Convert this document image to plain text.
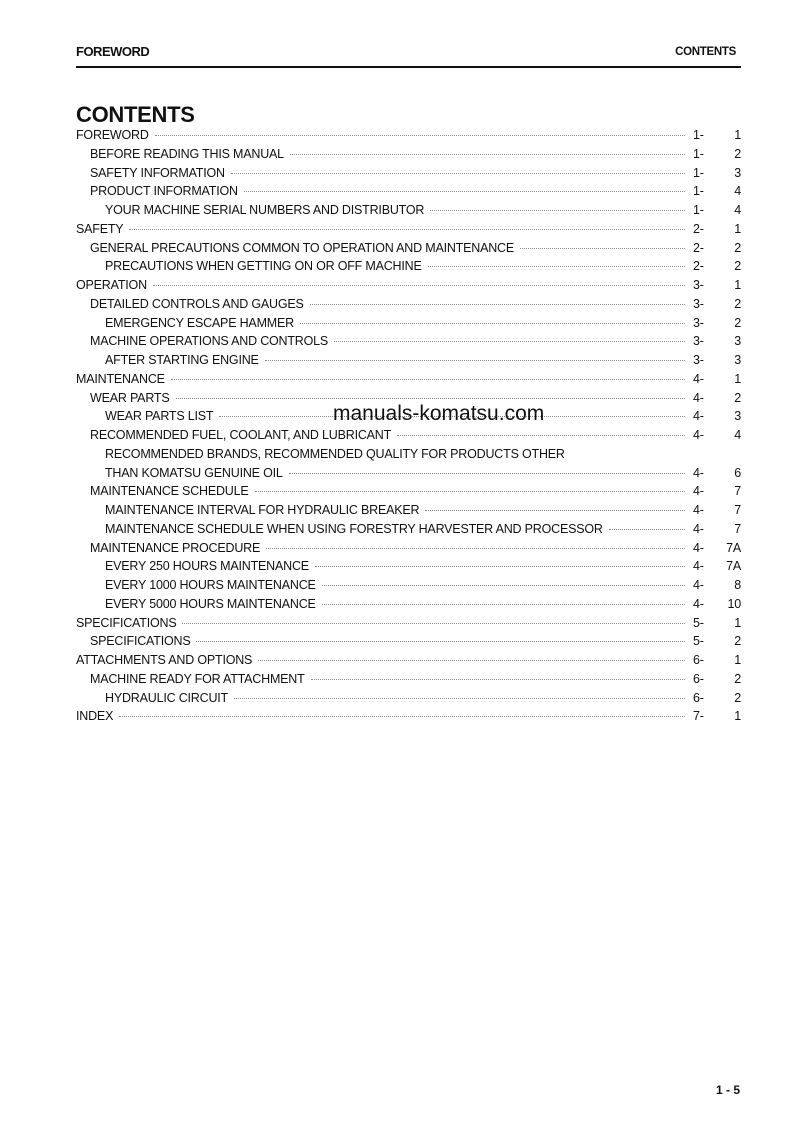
FOREWORD	CONTENTS
CONTENTS
FOREWORD	1-	1
BEFORE READING THIS MANUAL	1-	2
SAFETY INFORMATION	1-	3
PRODUCT INFORMATION	1-	4
YOUR MACHINE SERIAL NUMBERS AND DISTRIBUTOR	1-	4
SAFETY	2-	1
GENERAL PRECAUTIONS COMMON TO OPERATION AND MAINTENANCE	2-	2
PRECAUTIONS WHEN GETTING ON OR OFF MACHINE	2-	2
OPERATION	3-	1
DETAILED CONTROLS AND GAUGES	3-	2
EMERGENCY ESCAPE HAMMER	3-	2
MACHINE OPERATIONS AND CONTROLS	3-	3
AFTER STARTING ENGINE	3-	3
MAINTENANCE	4-	1
WEAR PARTS	4-	2
WEAR PARTS LIST	4-	3
RECOMMENDED FUEL, COOLANT, AND LUBRICANT	4-	4
RECOMMENDED BRANDS, RECOMMENDED QUALITY FOR PRODUCTS OTHER
THAN KOMATSU GENUINE OIL	4-	6
MAINTENANCE SCHEDULE	4-	7
MAINTENANCE INTERVAL FOR HYDRAULIC BREAKER	4-	7
MAINTENANCE SCHEDULE WHEN USING FORESTRY HARVESTER AND PROCESSOR	4-	7
MAINTENANCE PROCEDURE	4-	7A
EVERY 250 HOURS MAINTENANCE	4-	7A
EVERY 1000 HOURS MAINTENANCE	4-	8
EVERY 5000 HOURS MAINTENANCE	4-	10
SPECIFICATIONS	5-	1
SPECIFICATIONS	5-	2
ATTACHMENTS AND OPTIONS	6-	1
MACHINE READY FOR ATTACHMENT	6-	2
HYDRAULIC CIRCUIT	6-	2
INDEX	7-	1
manuals-komatsu.com
1 - 5
